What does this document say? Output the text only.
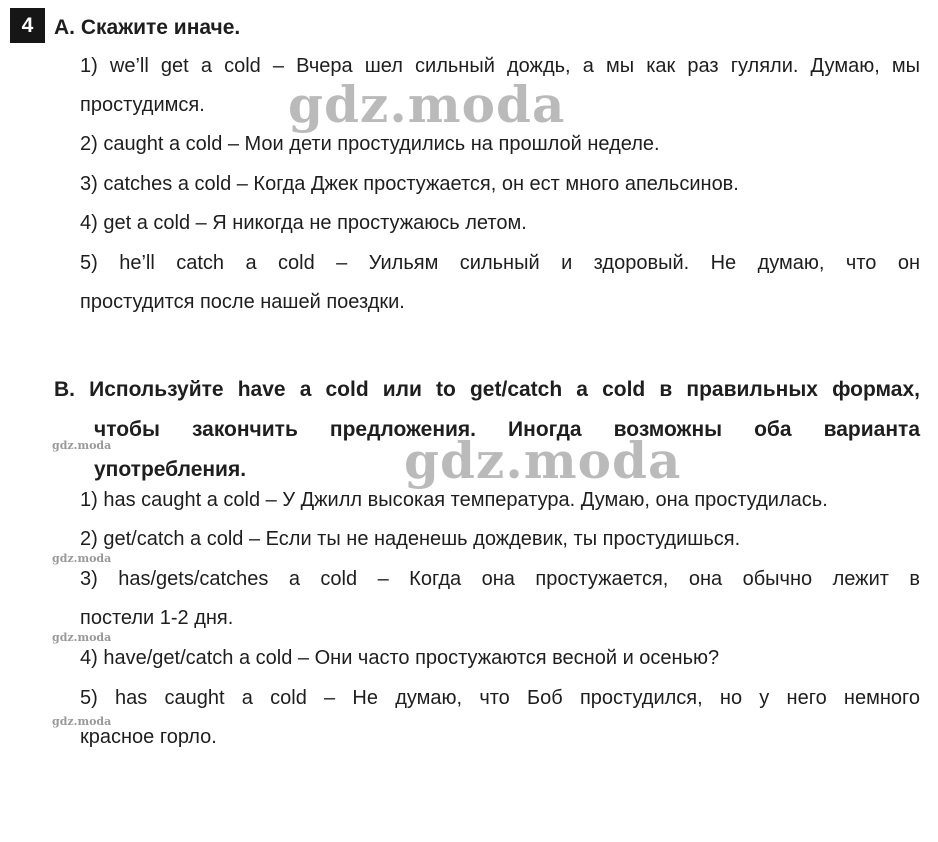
4 A. Скажите иначе.
1) we’ll get a cold – Вчера шел сильный дождь, а мы как раз гуляли. Думаю, мы
простудимся.
2) caught a cold – Мои дети простудились на прошлой неделе.
3) catches a cold – Когда Джек простужается, он ест много апельсинов.
4) get a cold – Я никогда не простужаюсь летом.
5) he’ll catch a cold – Уильям сильный и здоровый. Не думаю, что он
простудится после нашей поездки.
B. Используйте have a cold или to get/catch a cold в правильных формах,
чтобы закончить предложения. Иногда возможны оба варианта
употребления.
1) has caught a cold – У Джилл высокая температура. Думаю, она простудилась.
2) get/catch a cold – Если ты не наденешь дождевик, ты простудишься.
3) has/gets/catches a cold – Когда она простужается, она обычно лежит в
постели 1-2 дня.
4) have/get/catch a cold – Они часто простужаются весной и осенью?
5) has caught a cold – Не думаю, что Боб простудился, но у него немного
красное горло.
gdz.moda
gdz.moda
gdz.moda
gdz.moda
gdz.moda
gdz.moda
